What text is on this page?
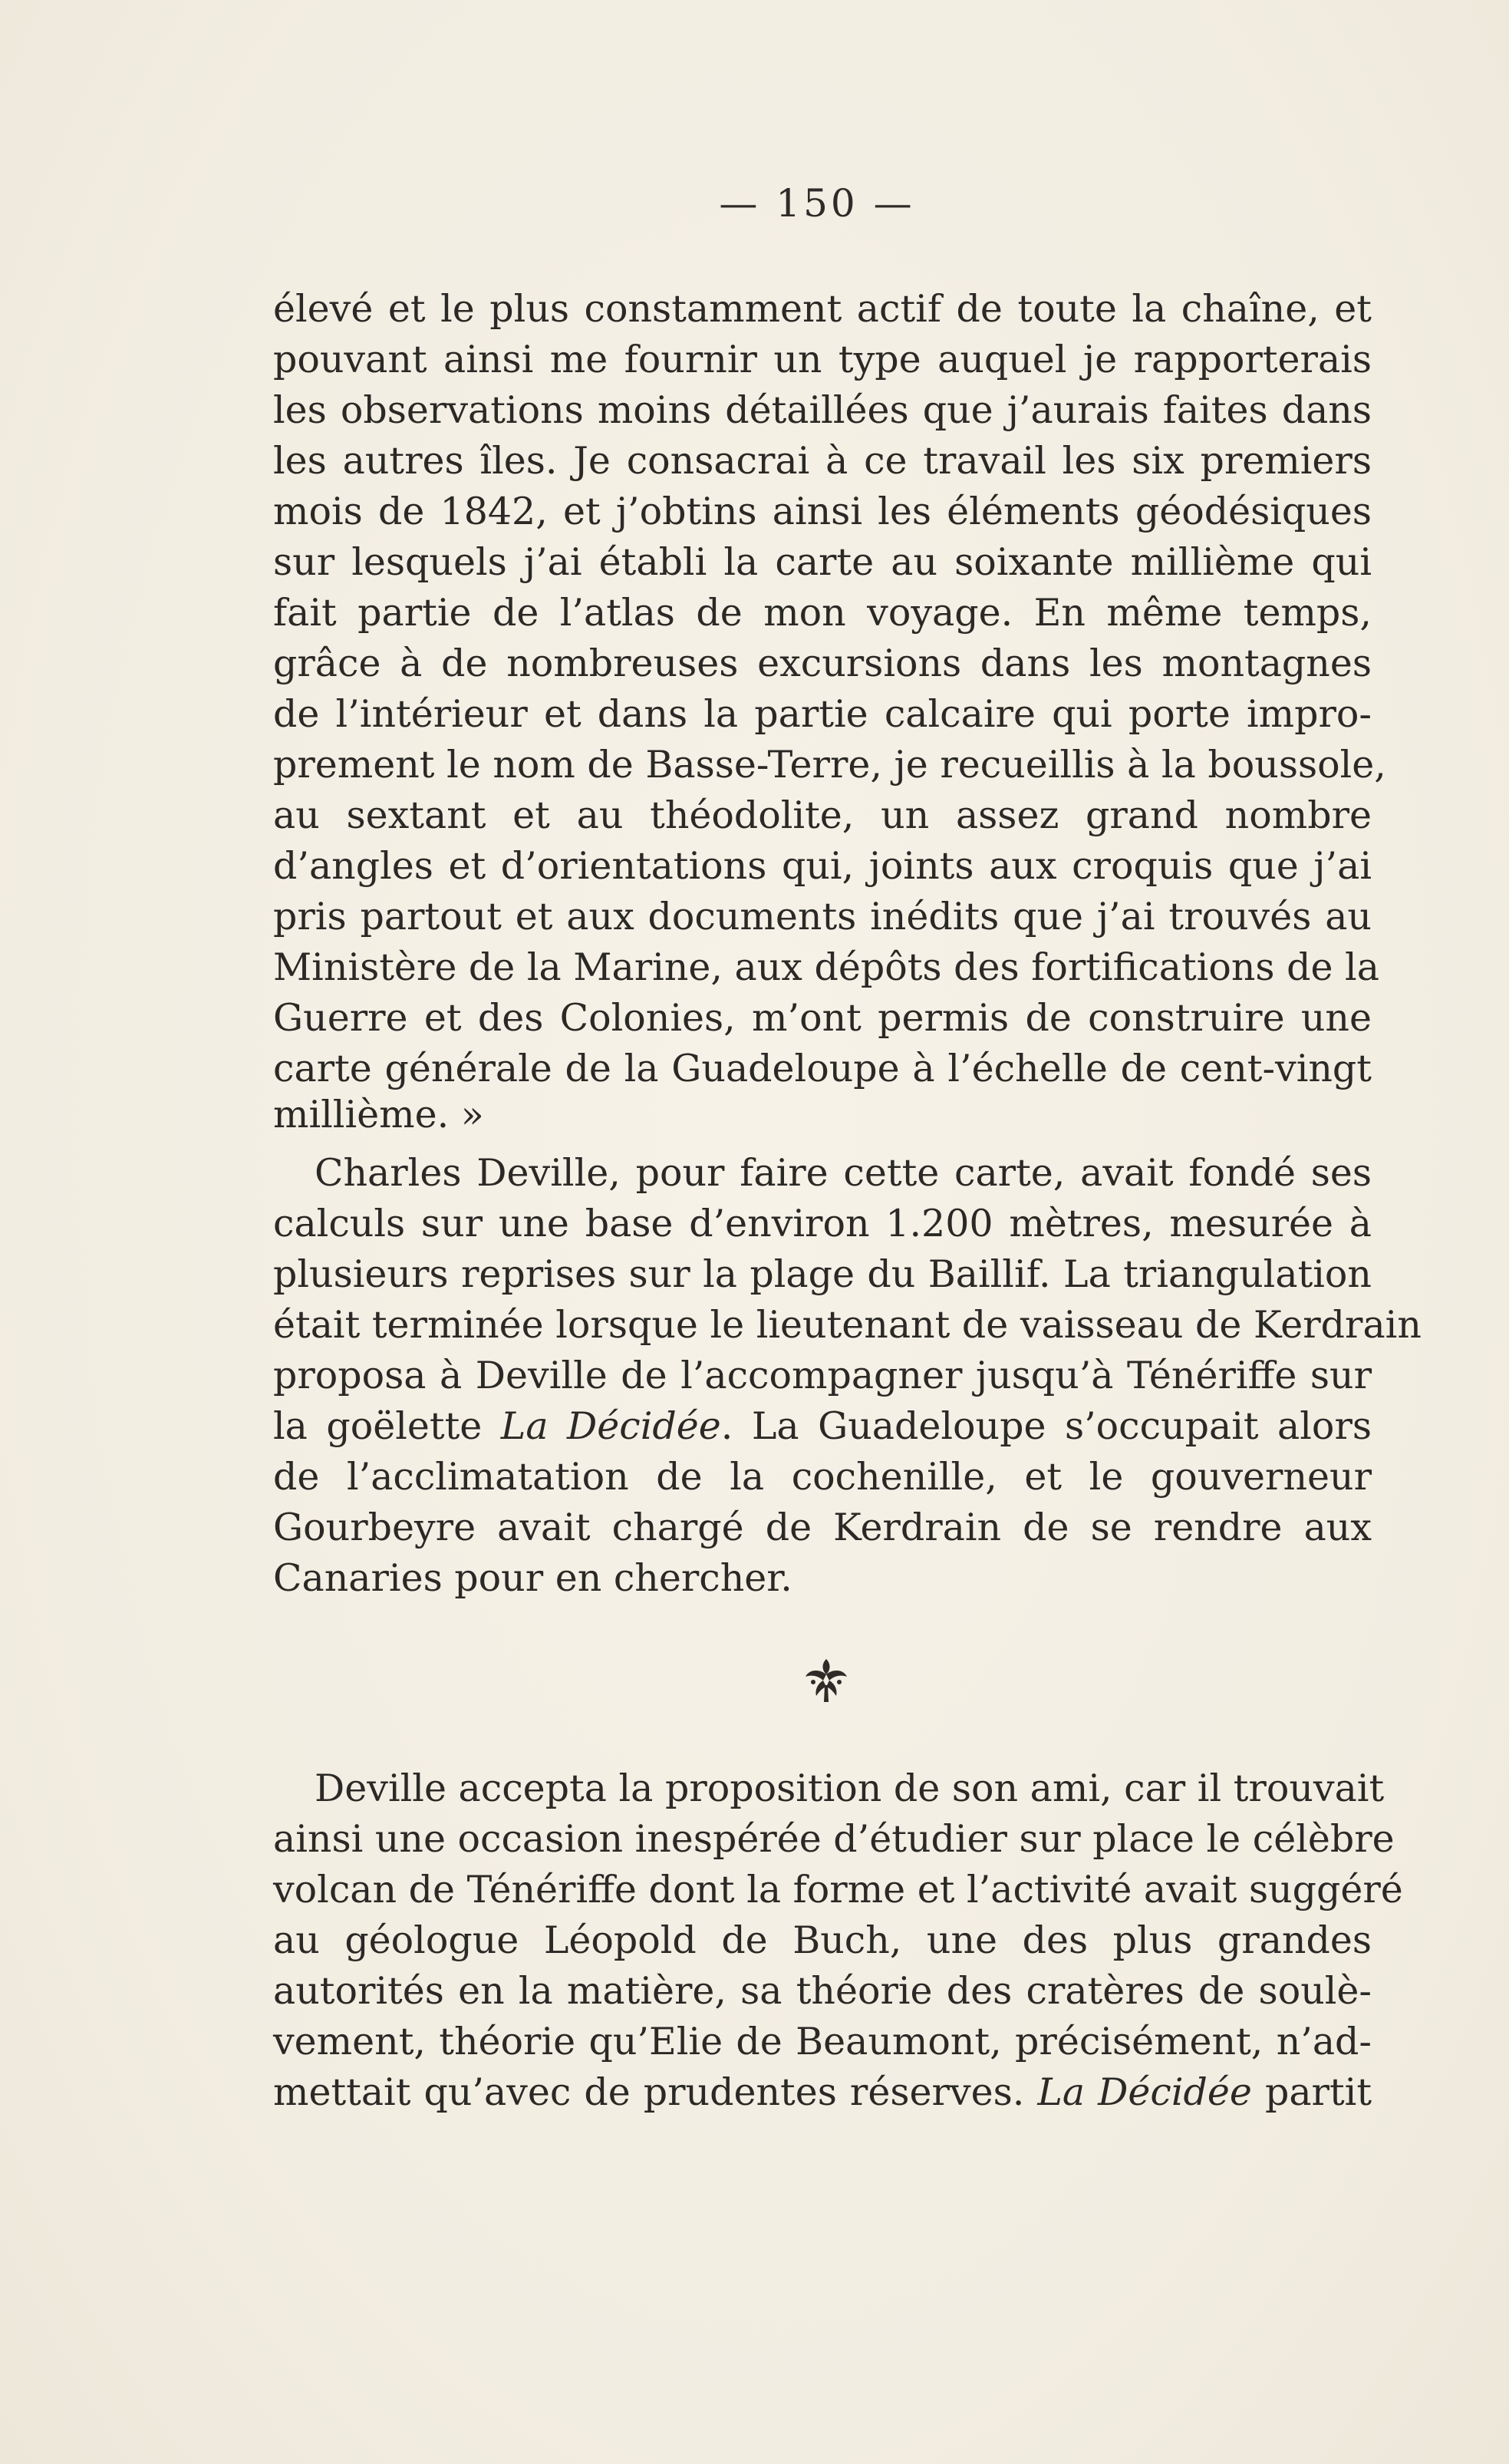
— 150 —
élevé et le plus constamment actif de toute la chaîne, et
pouvant ainsi me fournir un type auquel je rapporterais
les observations moins détaillées que j’aurais faites dans
les autres îles. Je consacrai à ce travail les six premiers
mois de 1842, et j’obtins ainsi les éléments géodésiques
sur lesquels j’ai établi la carte au soixante millième qui
fait partie de l’atlas de mon voyage. En même temps,
grâce à de nombreuses excursions dans les montagnes
de l’intérieur et dans la partie calcaire qui porte impro-
prement le nom de Basse-Terre, je recueillis à la boussole,
au sextant et au théodolite, un assez grand nombre
d’angles et d’orientations qui, joints aux croquis que j’ai
pris partout et aux documents inédits que j’ai trouvés au
Ministère de la Marine, aux dépôts des fortifications de la
Guerre et des Colonies, m’ont permis de construire une
carte générale de la Guadeloupe à l’échelle de cent-vingt
millième. »
Charles Deville, pour faire cette carte, avait fondé ses
calculs sur une base d’environ 1.200 mètres, mesurée à
plusieurs reprises sur la plage du Baillif. La triangulation
était terminée lorsque le lieutenant de vaisseau de Kerdrain
proposa à Deville de l’accompagner jusqu’à Ténériffe sur
la goëlette La Décidée. La Guadeloupe s’occupait alors
de l’acclimatation de la cochenille, et le gouverneur
Gourbeyre avait chargé de Kerdrain de se rendre aux
Canaries pour en chercher.
Deville accepta la proposition de son ami, car il trouvait
ainsi une occasion inespérée d’étudier sur place le célèbre
volcan de Ténériffe dont la forme et l’activité avait suggéré
au géologue Léopold de Buch, une des plus grandes
autorités en la matière, sa théorie des cratères de soulè-
vement, théorie qu’Elie de Beaumont, précisément, n’ad-
mettait qu’avec de prudentes réserves. La Décidée partit
